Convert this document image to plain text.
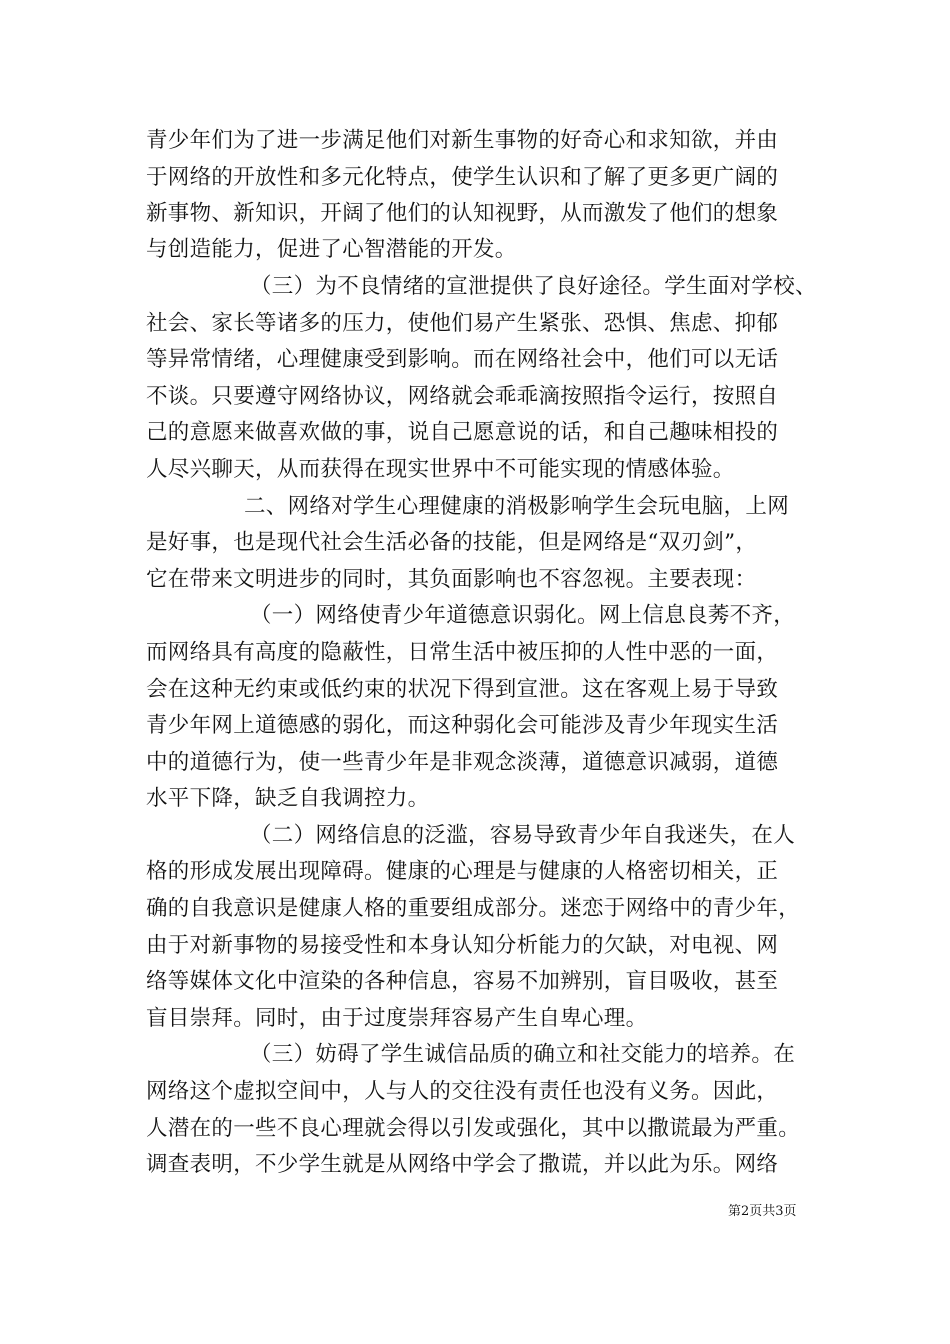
青少年们为了进一步满足他们对新生事物的好奇心和求知欲，并由
于网络的开放性和多元化特点，使学生认识和了解了更多更广阔的
新事物、新知识，开阔了他们的认知视野，从而激发了他们的想象
与创造能力，促进了心智潜能的开发。
（三）为不良情绪的宣泄提供了良好途径。学生面对学校、
社会、家长等诸多的压力，使他们易产生紧张、恐惧、焦虑、抑郁
等异常情绪，心理健康受到影响。而在网络社会中，他们可以无话
不谈。只要遵守网络协议，网络就会乖乖滴按照指令运行，按照自
己的意愿来做喜欢做的事，说自己愿意说的话，和自己趣味相投的
人尽兴聊天，从而获得在现实世界中不可能实现的情感体验。
二、网络对学生心理健康的消极影响学生会玩电脑，上网
是好事，也是现代社会生活必备的技能，但是网络是“双刃剑”，
它在带来文明进步的同时，其负面影响也不容忽视。主要表现：
（一）网络使青少年道德意识弱化。网上信息良莠不齐，
而网络具有高度的隐蔽性，日常生活中被压抑的人性中恶的一面，
会在这种无约束或低约束的状况下得到宣泄。这在客观上易于导致
青少年网上道德感的弱化，而这种弱化会可能涉及青少年现实生活
中的道德行为，使一些青少年是非观念淡薄，道德意识减弱，道德
水平下降，缺乏自我调控力。
（二）网络信息的泛滥，容易导致青少年自我迷失，在人
格的形成发展出现障碍。健康的心理是与健康的人格密切相关，正
确的自我意识是健康人格的重要组成部分。迷恋于网络中的青少年，
由于对新事物的易接受性和本身认知分析能力的欠缺，对电视、网
络等媒体文化中渲染的各种信息，容易不加辨别，盲目吸收，甚至
盲目崇拜。同时，由于过度崇拜容易产生自卑心理。
（三）妨碍了学生诚信品质的确立和社交能力的培养。在
网络这个虚拟空间中，人与人的交往没有责任也没有义务。因此，
人潜在的一些不良心理就会得以引发或强化，其中以撒谎最为严重。
调查表明，不少学生就是从网络中学会了撒谎，并以此为乐。网络
第2页共3页
